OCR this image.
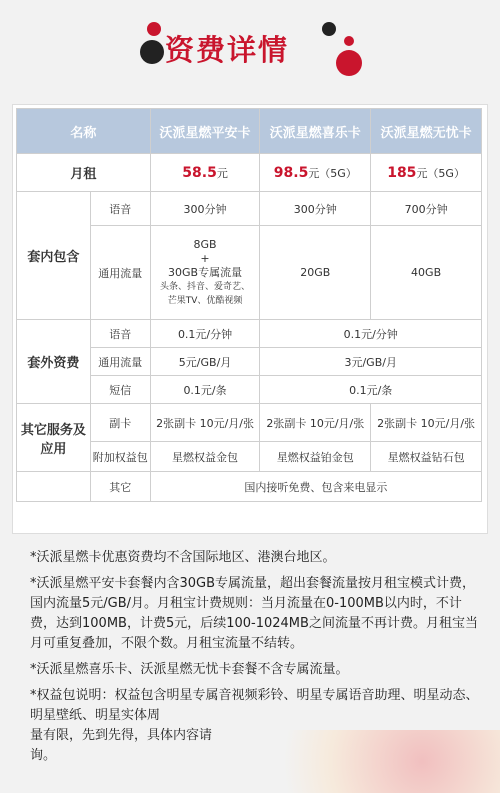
资费详情
名称		沃派星燃平安卡	沃派星燃喜乐卡	沃派星燃无忧卡
月租		58.5元	98.5元（5G）	185元（5G）
套内包含	语音	300分钟	300分钟	700分钟
	通用流量	8GB
+
30GB专属流量
头条、抖音、爱奇艺、
芒果TV、优酷视频	20GB	40GB
套外资费	语音	0.1元/分钟	0.1元/分钟	
	通用流量	5元/GB/月	3元/GB/月	
	短信	0.1元/条	0.1元/条	
其它服务及应用	副卡	2张副卡 10元/月/张	2张副卡 10元/月/张	2张副卡 10元/月/张
	附加权益包	星燃权益金包	星燃权益铂金包	星燃权益钻石包
	其它	国内接听免费、包含来电显示		

*沃派星燃卡优惠资费均不含国际地区、港澳台地区。

*沃派星燃平安卡套餐内含30GB专属流量，超出套餐流量按月租宝模式计费，国内流量5元/GB/月。月租宝计费规则：当月流量在0-100MB以内时，不计费，达到100MB，计费5元，后续100-1024MB之间流量不再计费。月租宝当月可重复叠加，不限个数。月租宝流量不结转。

*沃派星燃喜乐卡、沃派星燃无忧卡套餐不含专属流量。

*权益包说明：权益包含明星专属音视频彩铃、明星专属语音助理、明星动态、明星壁纸、明星实体周

量有限，先到先得，具体内容请

询。
